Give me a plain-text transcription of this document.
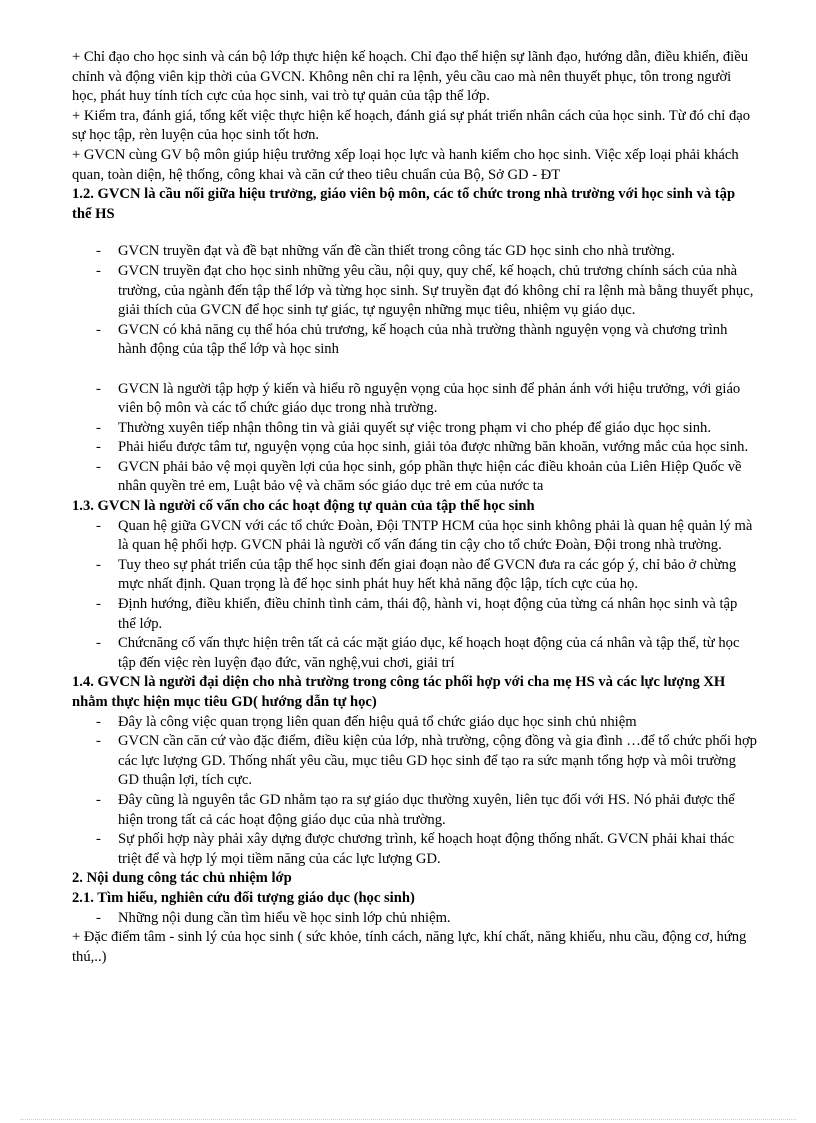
+ Chỉ đạo cho học sinh và cán bộ lớp thực hiện kế hoạch. Chỉ đạo thể hiện sự lãnh đạo, hướng dẫn, điều khiển, điều chỉnh và động viên kịp thời của GVCN. Không nên chỉ ra lệnh, yêu cầu cao mà nên thuyết phục, tôn trong người học, phát huy tính tích cực của học sinh, vai trò tự quản của tập thể lớp.

+ Kiểm tra, đánh giá, tổng kết việc thực hiện kế hoạch, đánh giá sự phát triển nhân cách của học sinh. Từ đó chỉ đạo sự học tập, rèn luyện của học sinh tốt hơn.

+ GVCN cùng GV bộ môn giúp hiệu trưởng xếp loại học lực và hanh kiểm cho học sinh. Việc xếp loại phải khách quan, toàn diện, hệ thống, công khai và căn cứ theo tiêu chuẩn của Bộ, Sở GD - ĐT

1.2. GVCN là cầu nối giữa hiệu trưởng, giáo viên bộ môn, các tổ chức trong nhà trường với học sinh và tập thể HS

- GVCN truyền đạt và đề bạt những vấn đề cần thiết trong công tác GD học sinh cho nhà trường.
- GVCN truyền đạt cho học sinh những yêu cầu, nội quy, quy chế, kế hoạch, chủ trương chính sách của nhà trường, của ngành đến tập thể lớp và từng học sinh. Sự truyền đạt đó không chỉ ra lệnh mà bằng thuyết phục, giải thích của GVCN để học sinh tự giác, tự nguyện những mục tiêu, nhiệm vụ giáo dục.
- GVCN có khả năng cụ thể hóa chủ trương, kế hoạch của nhà trường thành nguyện vọng và chương trình hành động của tập thể lớp và học sinh
- GVCN là người tập hợp ý kiến và hiểu rõ nguyện vọng của học sinh để phản ánh với hiệu trưởng, với giáo viên bộ môn và các tổ chức giáo dục trong nhà trường.
- Thường xuyên tiếp nhận thông tin và giải quyết sự việc trong phạm vi cho phép để giáo dục học sinh.
- Phải hiểu được tâm tư, nguyện vọng của học sinh, giải tỏa được những băn khoăn, vướng mắc của học sinh.
- GVCN phải bảo vệ mọi quyền lợi của học sinh, góp phần thực hiện các điều khoản của Liên Hiệp Quốc về nhân quyền trẻ em, Luật bảo vệ và chăm sóc giáo dục trẻ em của nước ta

1.3. GVCN là người cố vấn cho các hoạt động tự quản của tập thể học sinh

- Quan hệ giữa GVCN với các tổ chức Đoàn, Đội TNTP HCM của học sinh không phải là quan hệ quản lý mà là quan hệ phối hợp. GVCN phải là người cố vấn đáng tin cậy cho tổ chức Đoàn, Đội trong nhà trường.
- Tuy theo sự phát triển của tập thể học sinh đến giai đoạn nào để GVCN đưa ra các góp ý, chỉ bảo ở chừng mực nhất định. Quan trọng là để học sinh phát huy hết khả năng độc lập, tích cực của họ.
- Định hướng, điều khiển, điều chỉnh tình cảm, thái độ, hành vi, hoạt động của từng cá nhân học sinh và tập thể lớp.
- Chứcnăng cố vấn thực hiện trên tất cả các mặt giáo dục, kế hoạch hoạt động của cá nhân và tập thể, từ học tập đến việc rèn luyện đạo đức, văn nghệ,vui chơi, giải trí

1.4. GVCN là người đại diện cho nhà trường trong công tác phối hợp với cha mẹ HS và các lực lượng XH nhằm thực hiện mục tiêu GD( hướng dẫn tự học)

- Đây là công việc quan trọng liên quan đến hiệu quả tổ chức giáo dục học sinh chủ nhiệm
- GVCN cần căn cứ vào đặc điểm, điều kiện của lớp, nhà trường, cộng đồng và gia đình …để tổ chức phối hợp các lực lượng GD. Thống nhất yêu cầu, mục tiêu GD học sinh để tạo ra sức mạnh tổng hợp và môi trường GD thuận lợi, tích cực.
- Đây cũng là nguyên tắc GD nhằm tạo ra sự giáo dục thường xuyên, liên tục đối với HS. Nó phải được thể hiện trong tất cả các hoạt động giáo dục của nhà trường.
- Sự phối hợp này phải xây dựng được chương trình, kế hoạch hoạt động thống nhất. GVCN phải khai thác triệt để và hợp lý mọi tiềm năng của các lực lượng GD.

2. Nội dung công tác chủ nhiệm lớp

2.1. Tìm hiểu, nghiên cứu đối tượng giáo dục (học sinh)

- Những nội dung cần tìm hiểu về học sinh lớp chủ nhiệm.

+ Đặc điểm tâm - sinh lý của học sinh ( sức khỏe, tính cách, năng lực, khí chất, năng khiếu, nhu cầu, động cơ, hứng thú,..)
